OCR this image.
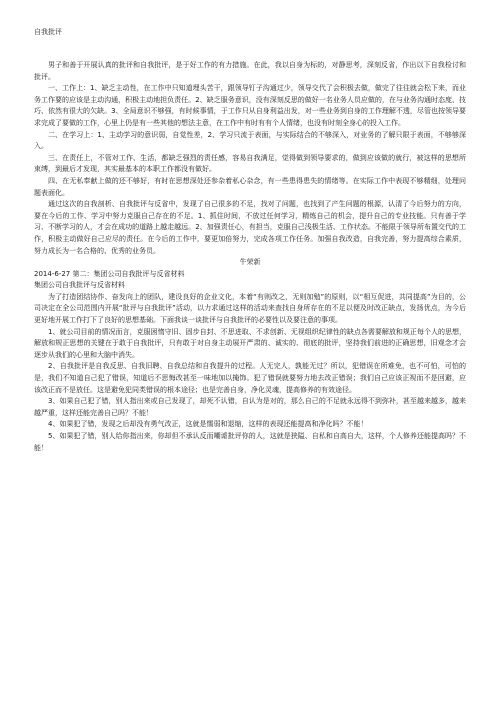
自我批评

男子和善于开展认真的批评和自我批评，是于好工作的有力措施。在此，我以自身为标的，对静思考，深刻反省，作出以下自我检讨和批评。

一、工作上：1、缺乏主动性，在工作中只知道埋头苦干，跟领导钉子沟通过少，领导交代了会积极去做，做完了往往就会松下来，而业务工作要的应该是主动沟通，积极主动地担负责任。2、缺乏服务意识，没有深刻反思的做好一名业务人员应做的，在与业务沟通时态度、技巧、依然有很大的欠缺。3、全局意识不够强，有时候事情，于工作只从自身利益出发，对一些业务到自身的工作理解不透，尽管也按领导要求完成了要做的工作，心里上仍是有一些其他的想法主意，在工作中有时有有个人情绪，也没有时刻全身心的投入工作。

二、在学习上：1、主动学习的意识弱，自觉性差，2、学习只流于表面，与实际结合的不够深入，对业务的了解只限于表面，不够够深入。

三、在责任上，不管对工作、生活，都缺乏强烈的责任感，容易自我满足，觉得做到领导要求的，做到应该做的就行，被这样的思想所束缚，到最后才发现，其实最基本的本职工作都没有做好。

四、在无私奉献上做的还不够好，有时在思想深处还参杂着私心杂念，有一些患得患失的情绪等。在实际工作中表现不够精细，处理问题表面化。

通过这次的自我剖析、自我批评与反省中，发现了自己很多的不足，找对了问题，也找到了产生问题的根源，认清了今后努力的方向，要在今后的工作、学习中努力克服自己存在的不足。1、抓住时间，不放过任何学习，精炼自己的机会，提升自己的专业技能。只有善于学习、不断学习的人，才会在成功的道路上越走越远。2、加强责任心，有担当，克服自己浅极生活、工作状态。不能限于领导所布置交代的工作，积极主动做好自己应尽的责任。在今后的工作中，要更加倍努力，完成各项工作任务。加强自我改造，自我完善，努力提高综合素质，努力成长为一名合格的、优秀的业务员。

牛荣新

2014-6-27 第二：集团公司自我批评与反省材料

集团公司自我批评与反省材料

为了打造团结协作、奋发向上的团队，建设良好的企业文化，本着“有则改之，无则加勉”的原则，以“相互促进，共同提高”为目的，公司决定在全公司范围内开展“批评与自我批评”活动，以力求通过这样的活动来查找自身所存在的不足以便及时改正缺点，发扬优点，为今后更好地开展工作打下了良好的思想基础。下面我谈一谈批评与自我批评的必要性以及要注意的事项。

1、就公司目前的情况而言，克服困惰守旧、固步自封、不思进取、不求创新、无视组织纪律性的缺点各需要解放和规正每个人的思想，解放和规正思想的关键在于敢于自我批评，只有敢于对自身主动展开严肃的、诚实的、彻底的批评，坚持我们前进的正确思想，旧观念才会逐步从我们的心里和大脑中消失。

2、自我批评是自我反思、自我旧聘、自我总结和自我提升的过程。人无完人，孰能无过？所以，犯错误在所难免，也不可怕，可怕的是，我们不知道自己犯了错误，知道后不思悔改甚至一味地加以掩饰。犯了错误就要努力地去改正错误；我们自己应该正视而不是回避，应该改正而不是放任。这是避免犯同类错误的根本途径；也是完善自身，净化灵魂，提高修养的有效途径。

3、如果自己犯了错，别人指出来或自己发现了，却死不认错，自认为是对的，那么自己的不足就永远得不到弥补，甚至越来越多，越来越严重，这样还能完善自己吗？不能！

4、如果犯了错，发现之后却没有勇气改正，这就是懦弱和退缩，这样的表现还能提高和净化吗？不能！

5、如果犯了错，别人给你指出来，你却但不承认反而嘲谑批评你的人，这就是狭隘、自私和自高自大，这样，个人修养还能提高吗？不能！
